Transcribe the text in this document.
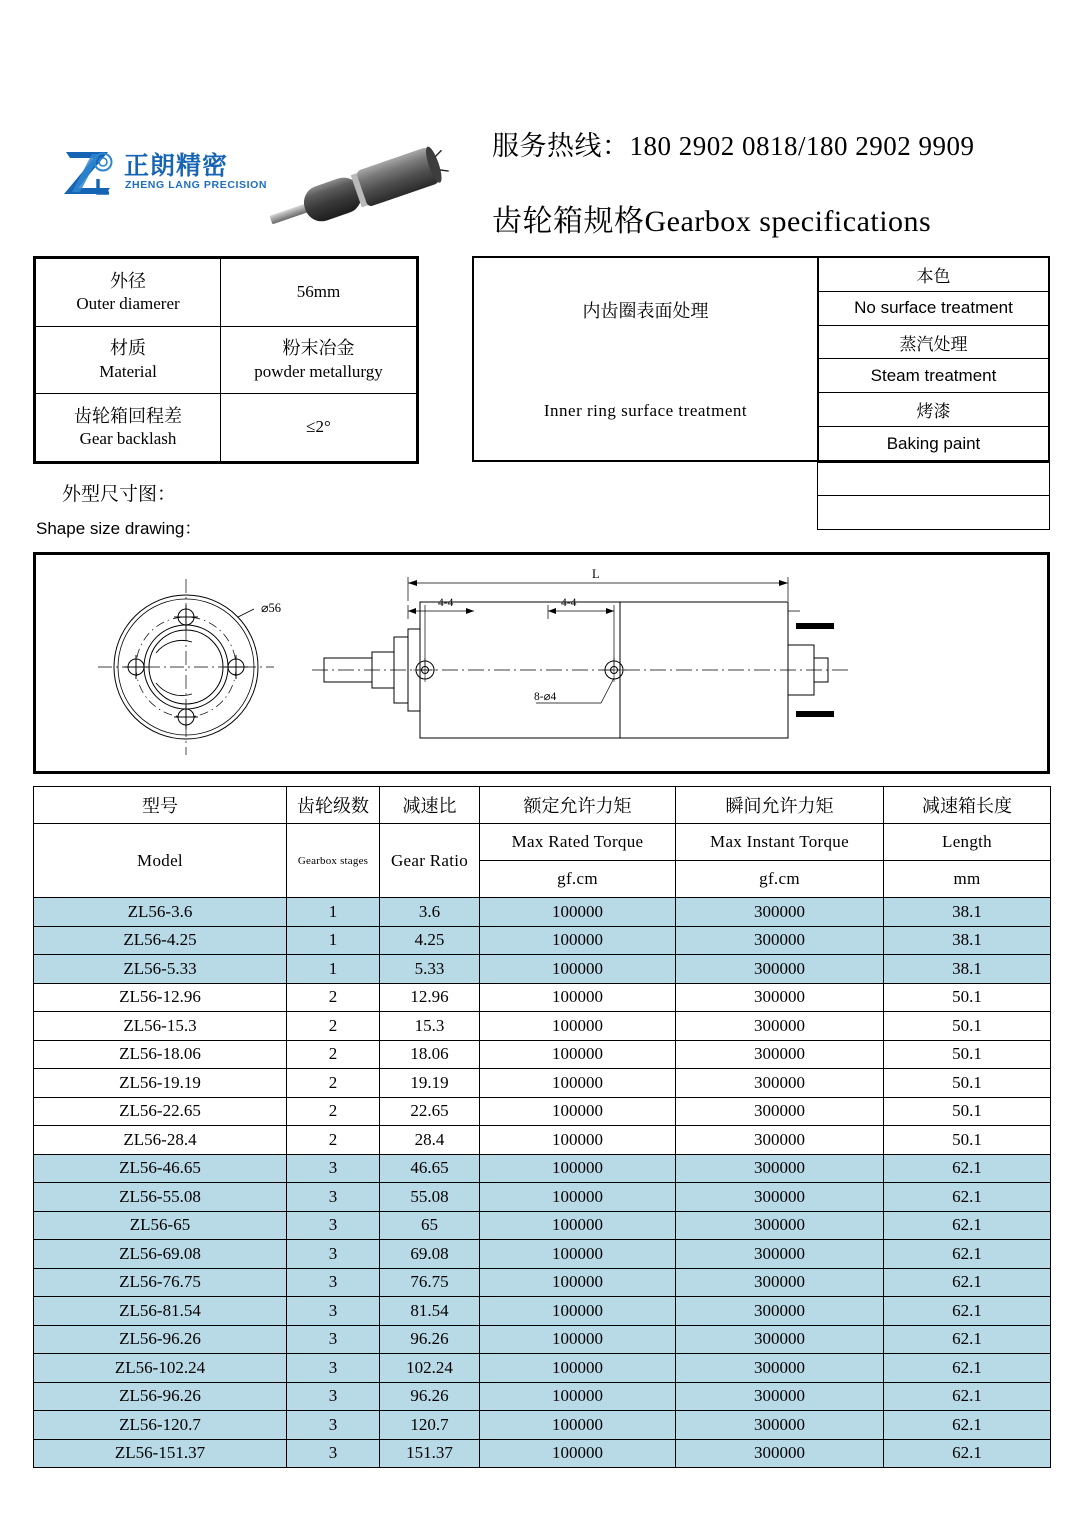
正朗精密
ZHENG LANG PRECISION
服务热线：180 2902 0818/180 2902 9909
齿轮箱规格Gearbox specifications
外径
Outer diamerer	56mm

材质
Material	粉末冶金
powder metallurgy

齿轮箱回程差
Gear backlash	≤2°
内齿圈表面处理
Inner ring surface treatment
本色
No surface treatment
蒸汽处理
Steam treatment
烤漆
Baking paint
外型尺寸图：
Shape size drawing：
⌀56	4-4	4-4
L
8-⌀4
型号	齿轮级数	减速比	额定允许力矩	瞬间允许力矩	减速箱长度
Model	Gearbox stages	Gear Ratio	Max Rated Torque	Max Instant Torque	Length
			gf.cm	gf.cm	mm
ZL56-3.6	1	3.6	100000	300000	38.1
ZL56-4.25	1	4.25	100000	300000	38.1
ZL56-5.33	1	5.33	100000	300000	38.1
ZL56-12.96	2	12.96	100000	300000	50.1
ZL56-15.3	2	15.3	100000	300000	50.1
ZL56-18.06	2	18.06	100000	300000	50.1
ZL56-19.19	2	19.19	100000	300000	50.1
ZL56-22.65	2	22.65	100000	300000	50.1
ZL56-28.4	2	28.4	100000	300000	50.1
ZL56-46.65	3	46.65	100000	300000	62.1
ZL56-55.08	3	55.08	100000	300000	62.1
ZL56-65	3	65	100000	300000	62.1
ZL56-69.08	3	69.08	100000	300000	62.1
ZL56-76.75	3	76.75	100000	300000	62.1
ZL56-81.54	3	81.54	100000	300000	62.1
ZL56-96.26	3	96.26	100000	300000	62.1
ZL56-102.24	3	102.24	100000	300000	62.1
ZL56-96.26	3	96.26	100000	300000	62.1
ZL56-120.7	3	120.7	100000	300000	62.1
ZL56-151.37	3	151.37	100000	300000	62.1
